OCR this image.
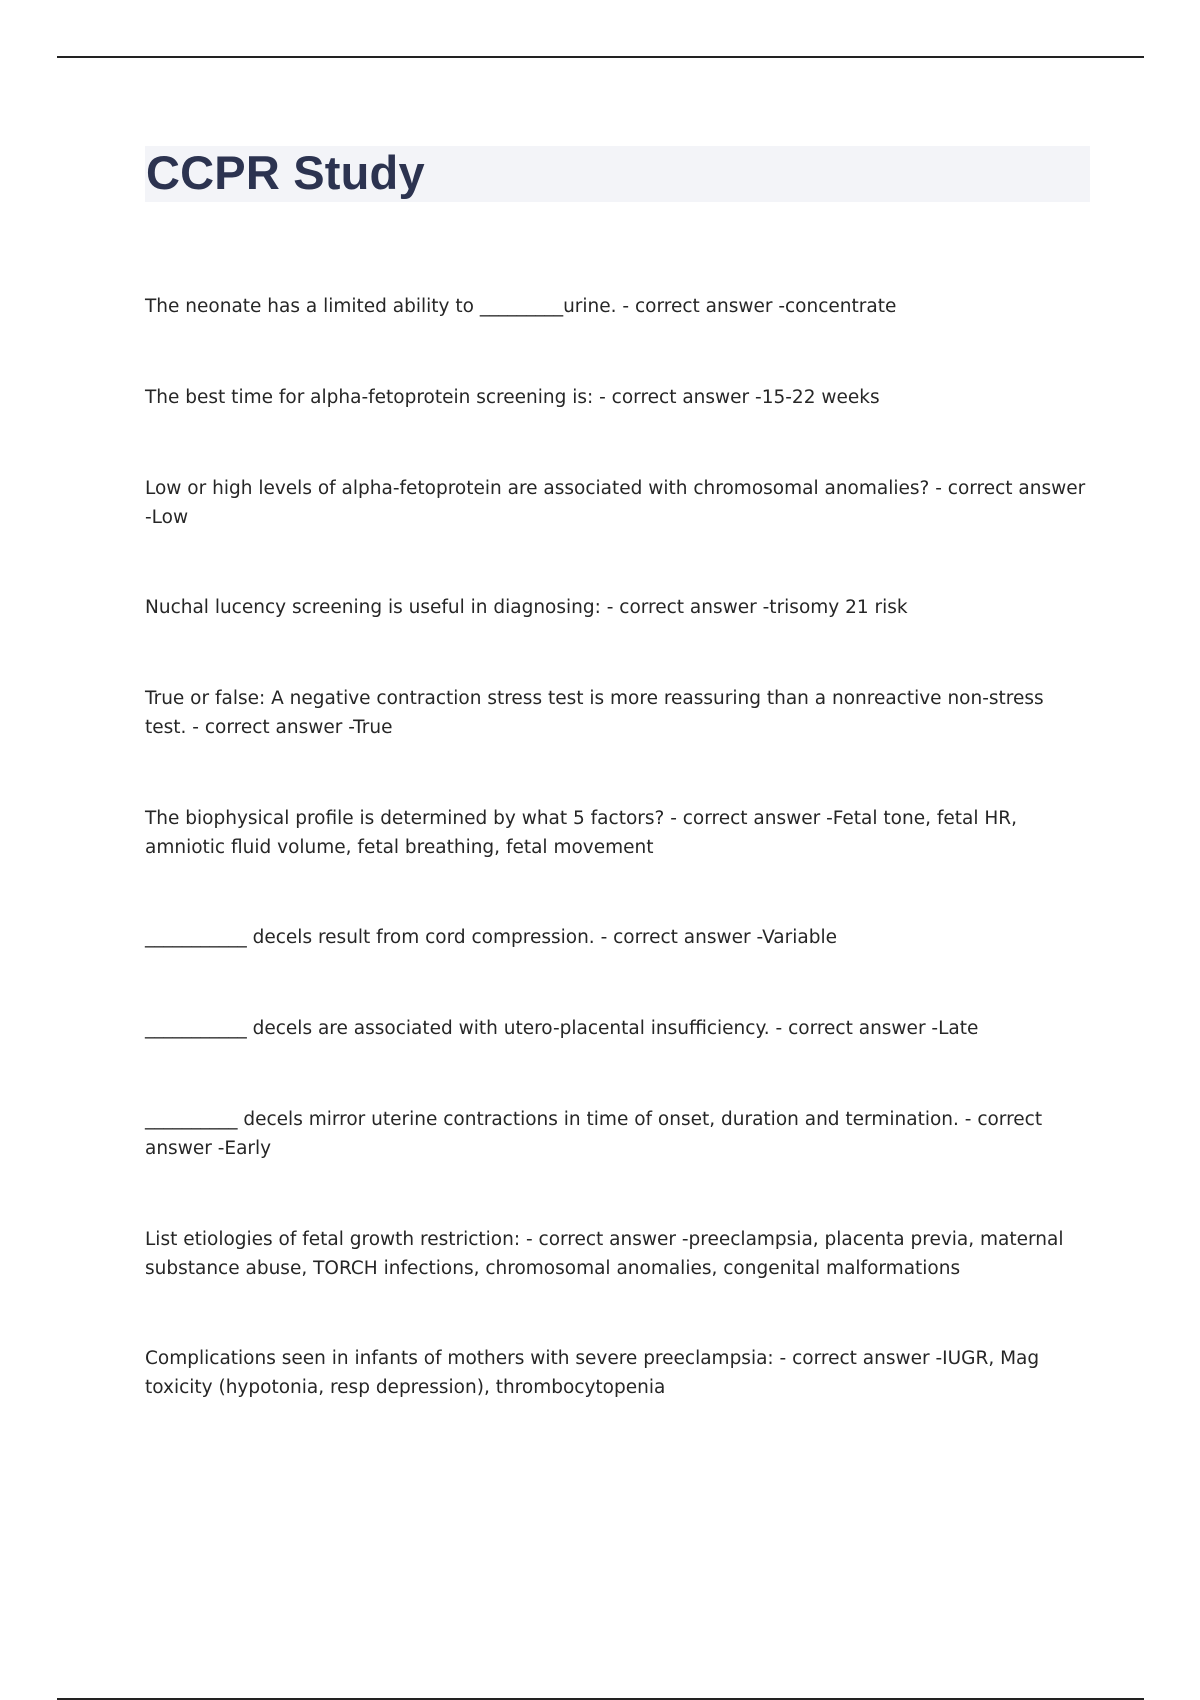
CCPR Study

The neonate has a limited ability to _________urine. - correct answer -concentrate

The best time for alpha-fetoprotein screening is: - correct answer -15-22 weeks

Low or high levels of alpha-fetoprotein are associated with chromosomal anomalies? - correct answer -Low

Nuchal lucency screening is useful in diagnosing: - correct answer -trisomy 21 risk

True or false: A negative contraction stress test is more reassuring than a nonreactive non-stress test. - correct answer -True

The biophysical profile is determined by what 5 factors? - correct answer -Fetal tone, fetal HR, amniotic fluid volume, fetal breathing, fetal movement

___________ decels result from cord compression. - correct answer -Variable

___________ decels are associated with utero-placental insufficiency. - correct answer -Late

__________ decels mirror uterine contractions in time of onset, duration and termination. - correct answer -Early

List etiologies of fetal growth restriction: - correct answer -preeclampsia, placenta previa, maternal substance abuse, TORCH infections, chromosomal anomalies, congenital malformations

Complications seen in infants of mothers with severe preeclampsia: - correct answer -IUGR, Mag toxicity (hypotonia, resp depression), thrombocytopenia
